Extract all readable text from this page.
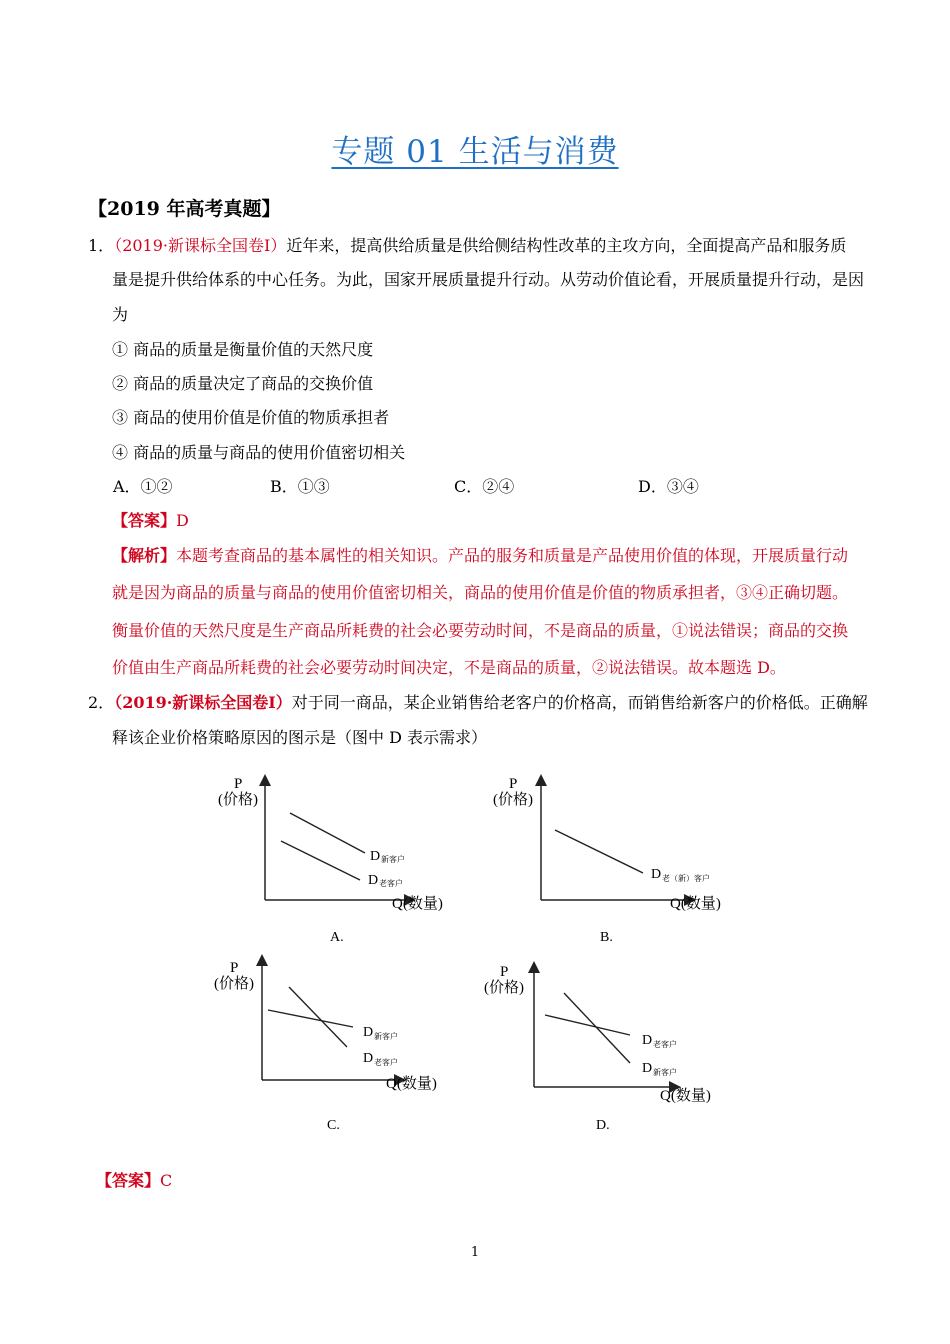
专题 01 生活与消费
【2019 年高考真题】
1．（2019·新课标全国卷Ⅰ）近年来，提高供给质量是供给侧结构性改革的主攻方向，全面提高产品和服务质
量是提升供给体系的中心任务。为此，国家开展质量提升行动。从劳动价值论看，开展质量提升行动，是因
为
① 商品的质量是衡量价值的天然尺度
② 商品的质量决定了商品的交换价值
③ 商品的使用价值是价值的物质承担者
④ 商品的质量与商品的使用价值密切相关
A．①②	B．①③	C．②④	D．③④
【答案】D
【解析】本题考查商品的基本属性的相关知识。产品的服务和质量是产品使用价值的体现，开展质量行动
就是因为商品的质量与商品的使用价值密切相关，商品的使用价值是价值的物质承担者，③④正确切题。
衡量价值的天然尺度是生产商品所耗费的社会必要劳动时间，不是商品的质量，①说法错误；商品的交换
价值由生产商品所耗费的社会必要劳动时间决定，不是商品的质量，②说法错误。故本题选 D。
2．（2019·新课标全国卷Ⅰ）对于同一商品，某企业销售给老客户的价格高，而销售给新客户的价格低。正确解
释该企业价格策略原因的图示是（图中 D 表示需求）
P
(价格)
Q(数量)
D 新客户
D 老客户
A.
P
(价格)
Q(数量)
D 老（新）客户
B.
P
(价格)
Q(数量)
D 新客户
D 老客户
C.
P
(价格)
Q(数量)
D 老客户
D 新客户
D.
【答案】C
1
